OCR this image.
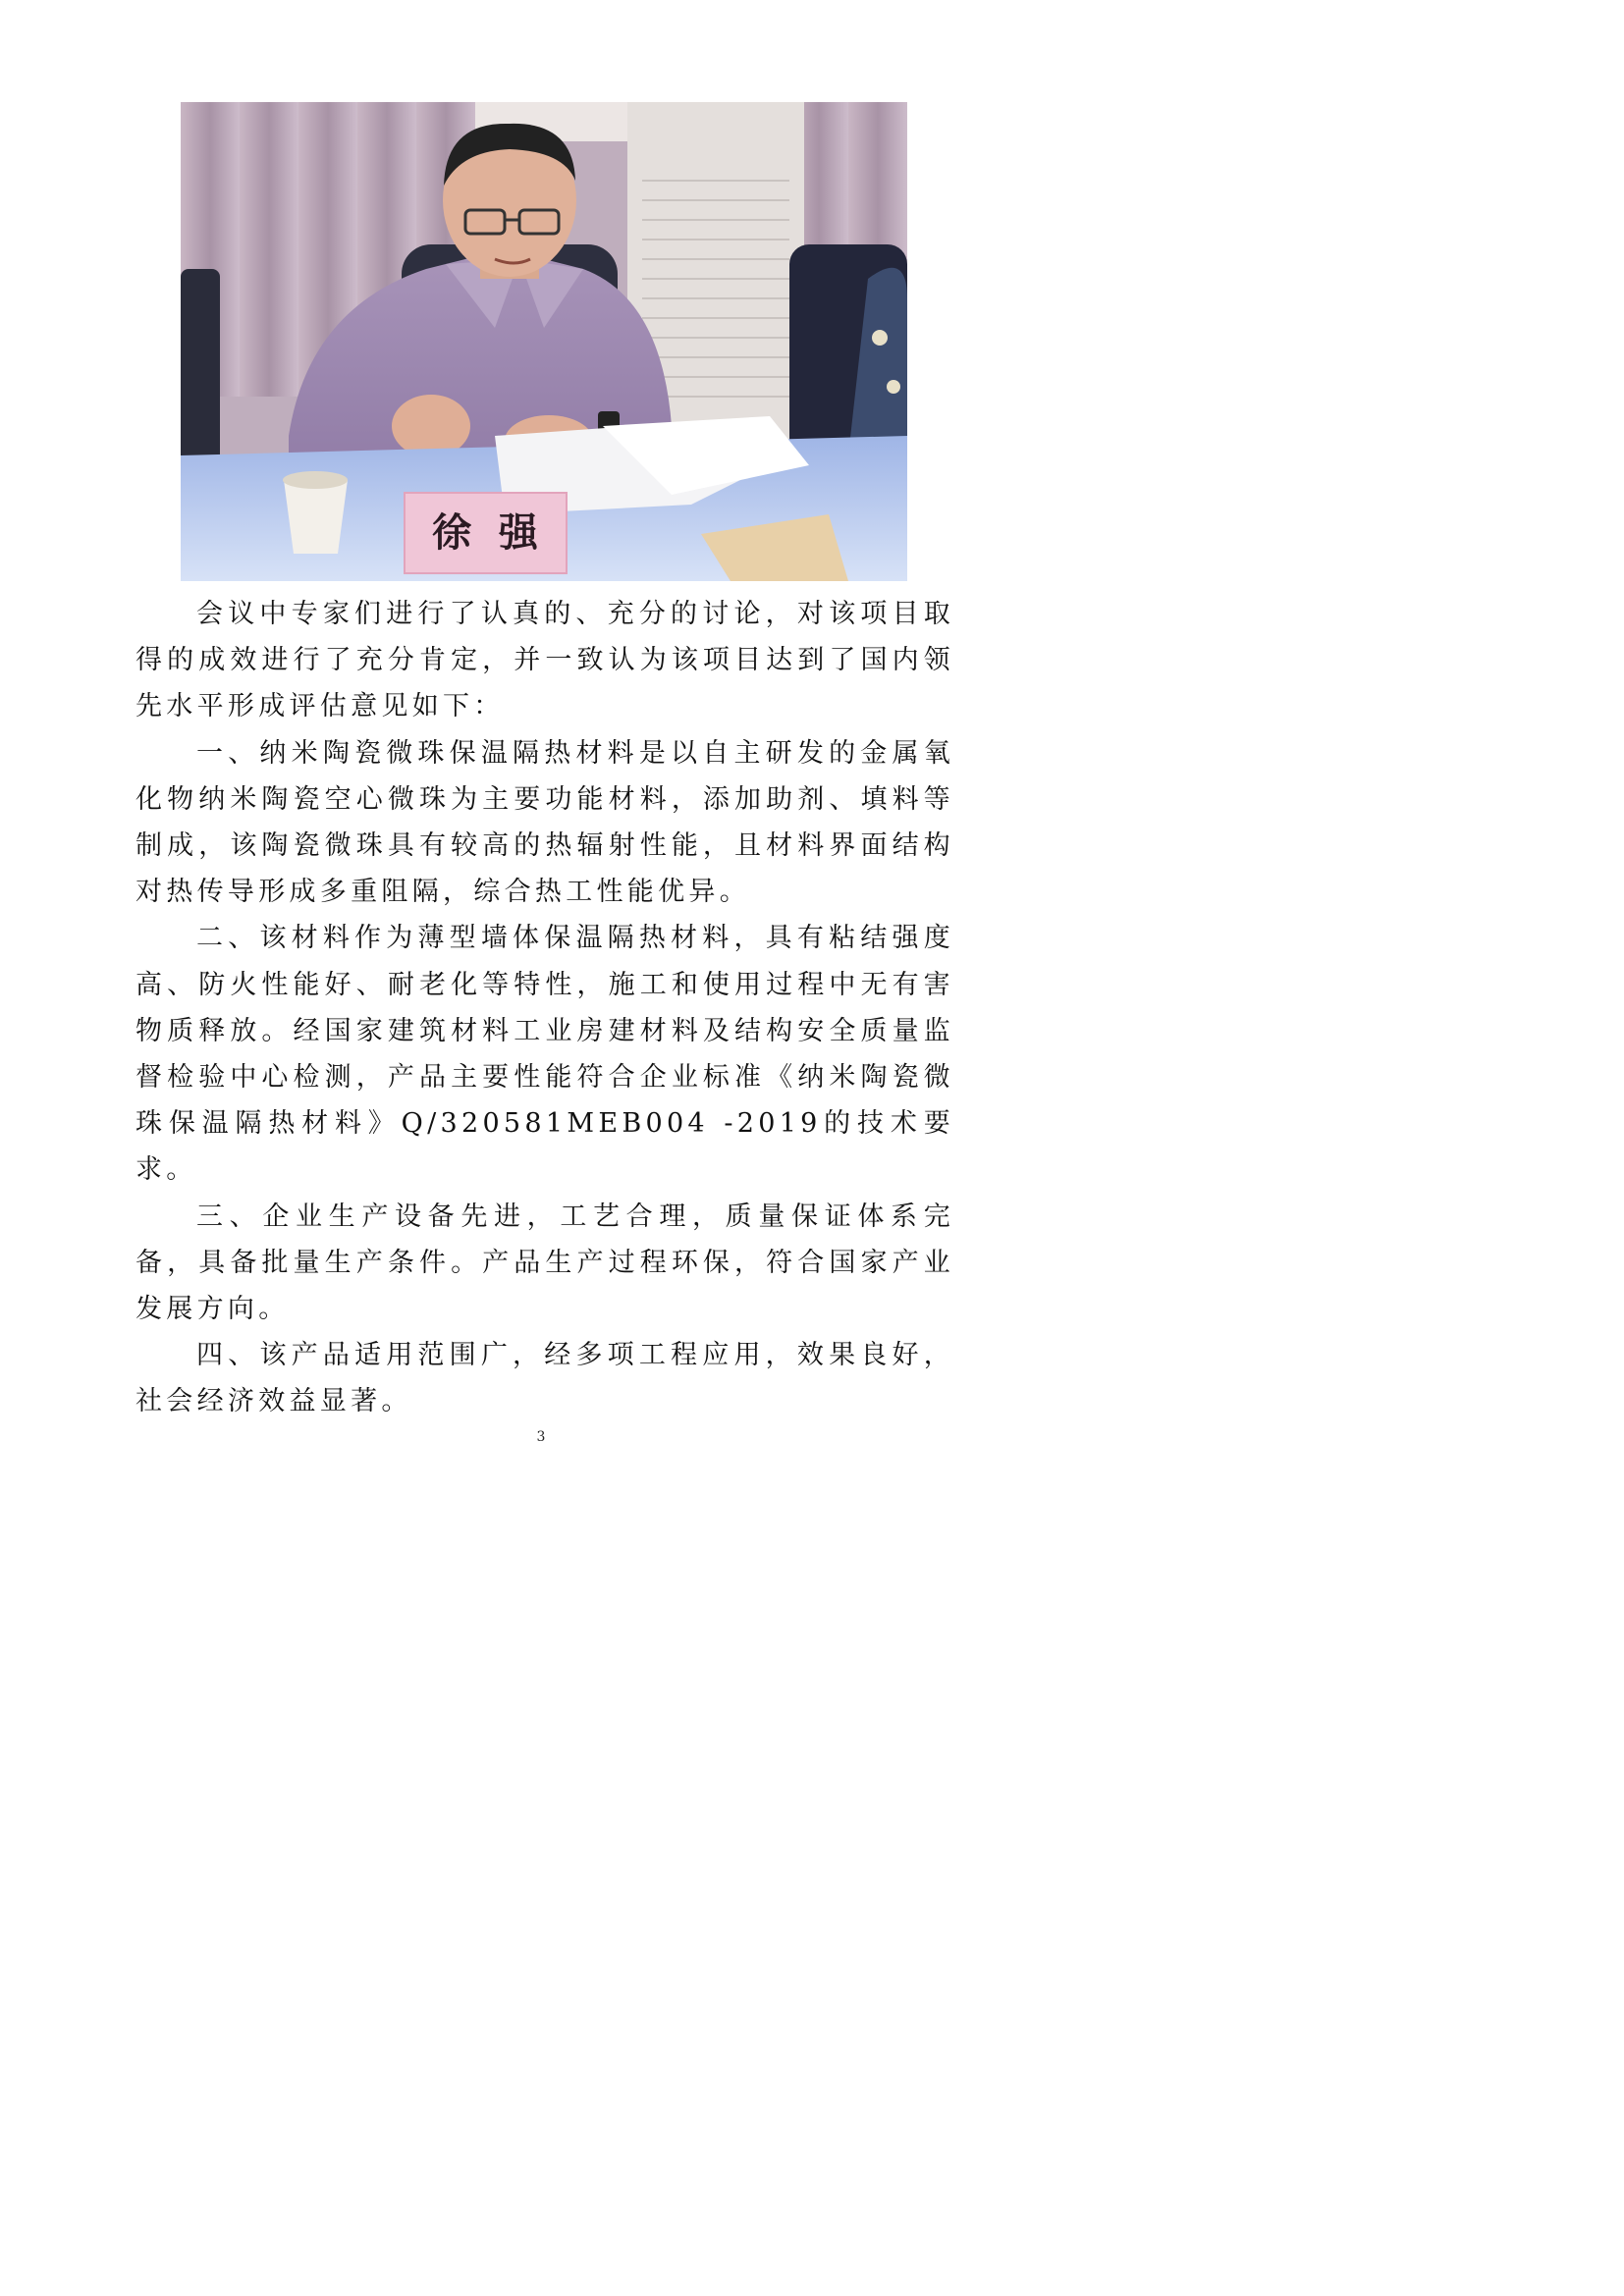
徐  强

会议中专家们进行了认真的、充分的讨论，对该项目取得的成效进行了充分肯定，并一致认为该项目达到了国内领先水平形成评估意见如下：

一、纳米陶瓷微珠保温隔热材料是以自主研发的金属氧化物纳米陶瓷空心微珠为主要功能材料，添加助剂、填料等制成，该陶瓷微珠具有较高的热辐射性能，且材料界面结构对热传导形成多重阻隔，综合热工性能优异。

二、该材料作为薄型墙体保温隔热材料，具有粘结强度高、防火性能好、耐老化等特性，施工和使用过程中无有害物质释放。经国家建筑材料工业房建材料及结构安全质量监督检验中心检测，产品主要性能符合企业标准《纳米陶瓷微珠保温隔热材料》Q/320581MEB004 -2019的技术要求。

三、企业生产设备先进，工艺合理，质量保证体系完备，具备批量生产条件。产品生产过程环保，符合国家产业发展方向。

四、该产品适用范围广，经多项工程应用，效果良好，社会经济效益显著。

3
